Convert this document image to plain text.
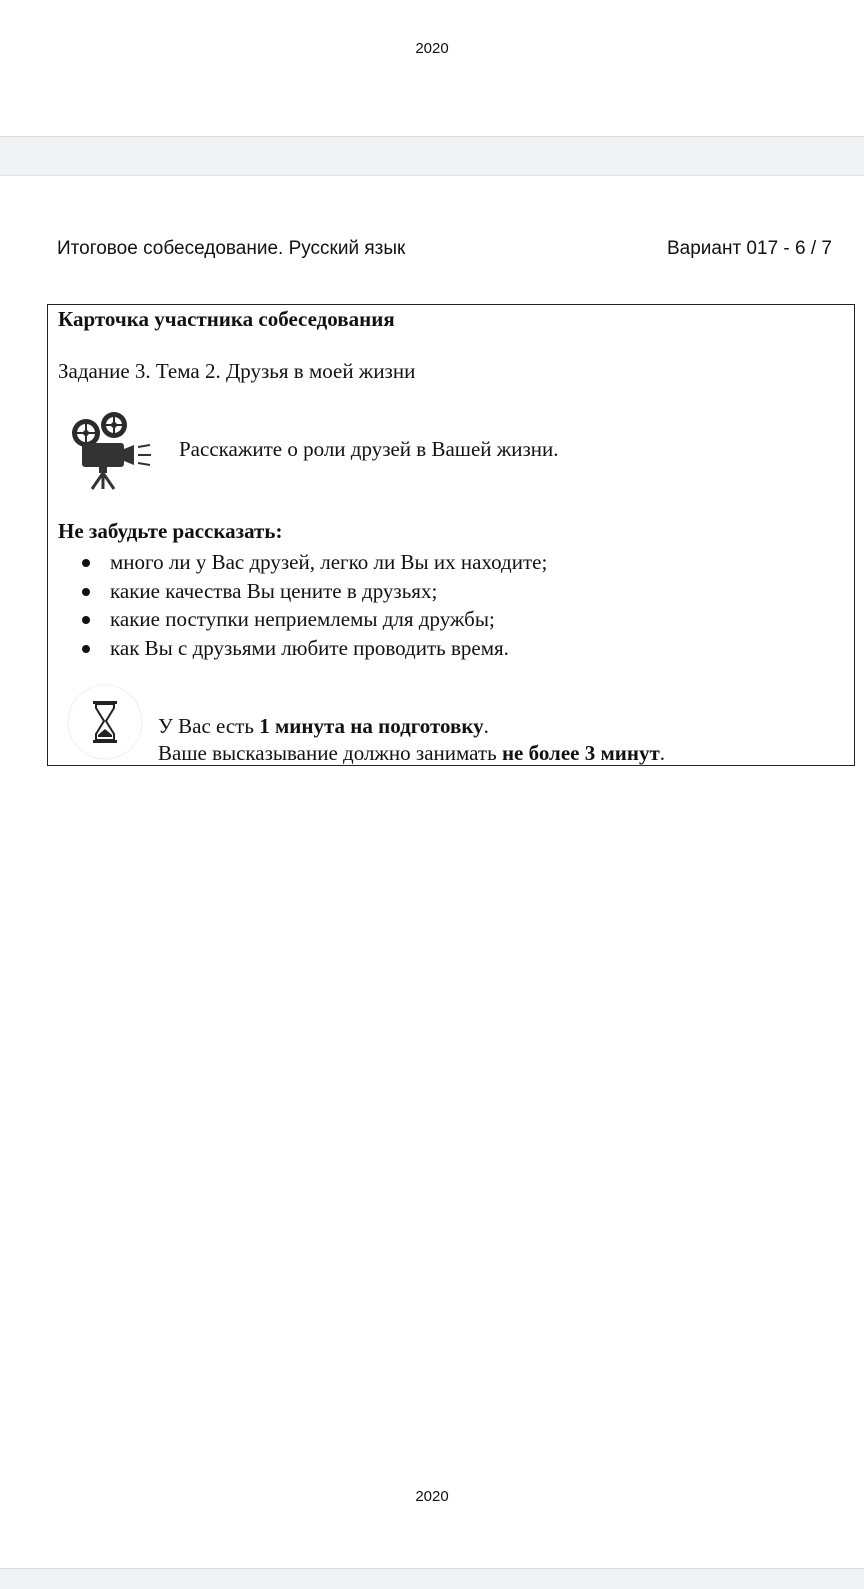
2020
Итоговое собеседование. Русский язык	Вариант 017 - 6 / 7
Карточка участника собеседования
Задание 3. Тема 2. Друзья в моей жизни
Расскажите о роли друзей в Вашей жизни.
Не забудьте рассказать:
много ли у Вас друзей, легко ли Вы их находите;
какие качества Вы цените в друзьях;
какие поступки неприемлемы для дружбы;
как Вы с друзьями любите проводить время.
У Вас есть 1 минута на подготовку.
Ваше высказывание должно занимать не более 3 минут.
2020
